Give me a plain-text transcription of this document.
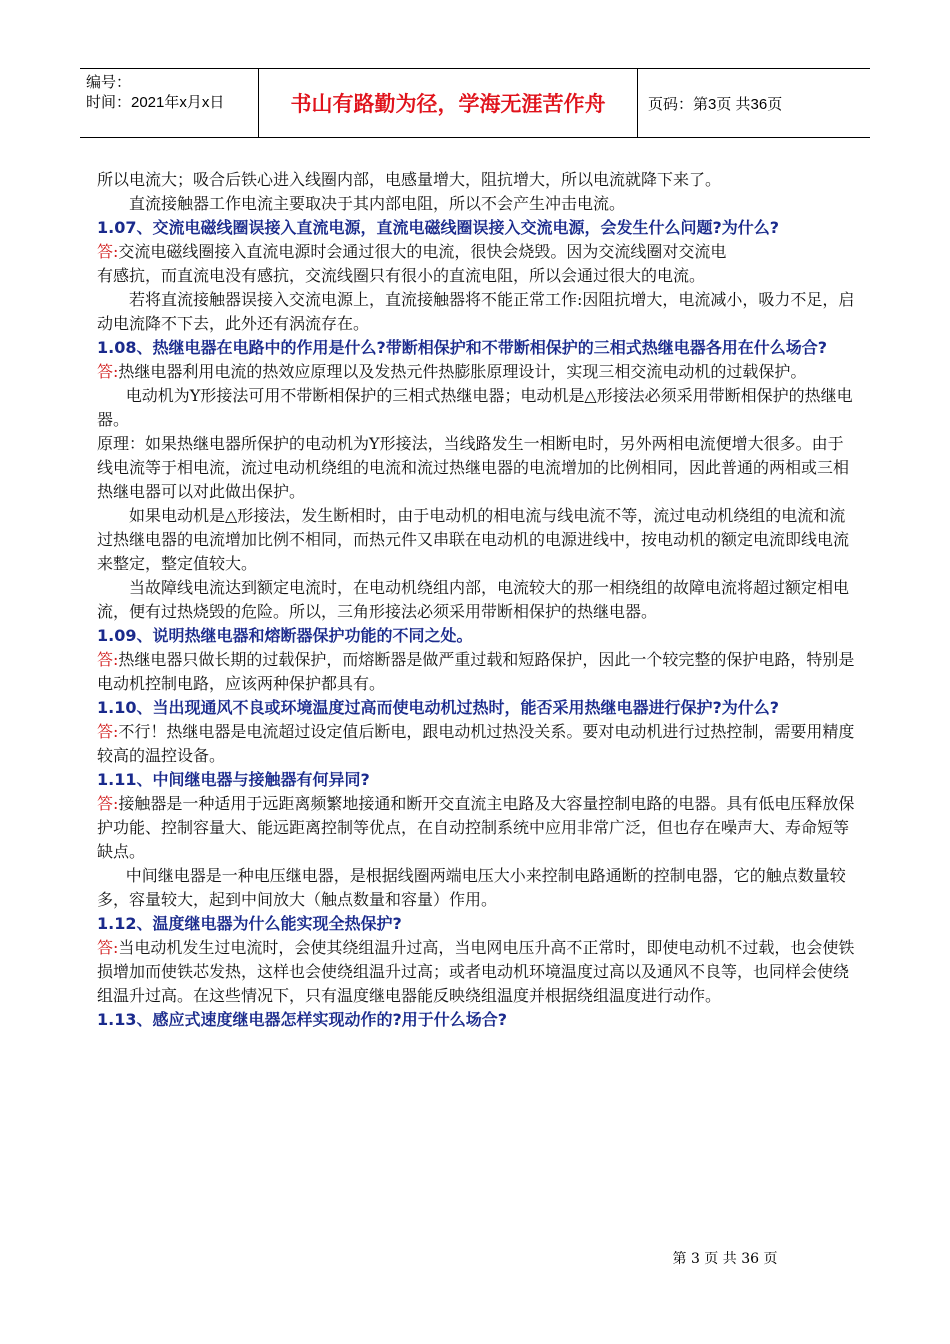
编号：
时间：2021年x月x日	书山有路勤为径，学海无涯苦作舟	页码：第3页 共36页

所以电流大；吸合后铁心进入线圈内部，电感量增大，阻抗增大，所以电流就降下来了。

直流接触器工作电流主要取决于其内部电阻，所以不会产生冲击电流。

1.07、交流电磁线圈误接入直流电源，直流电磁线圈误接入交流电源，会发生什么问题?为什么?

答:交流电磁线圈接入直流电源时会通过很大的电流，很快会烧毁。因为交流线圈对交流电

有感抗，而直流电没有感抗，交流线圈只有很小的直流电阻，所以会通过很大的电流。

若将直流接触器误接入交流电源上，直流接触器将不能正常工作:因阻抗增大，电流减小，吸力不足，启动电流降不下去，此外还有涡流存在。

1.08、热继电器在电路中的作用是什么?带断相保护和不带断相保护的三相式热继电器各用在什么场合?

答:热继电器利用电流的热效应原理以及发热元件热膨胀原理设计，实现三相交流电动机的过载保护。

电动机为Y形接法可用不带断相保护的三相式热继电器；电动机是△形接法必须采用带断相保护的热继电器。

原理：如果热继电器所保护的电动机为Y形接法，当线路发生一相断电时，另外两相电流便增大很多。由于线电流等于相电流，流过电动机绕组的电流和流过热继电器的电流增加的比例相同，因此普通的两相或三相热继电器可以对此做出保护。

如果电动机是△形接法，发生断相时，由于电动机的相电流与线电流不等，流过电动机绕组的电流和流过热继电器的电流增加比例不相同，而热元件又串联在电动机的电源进线中，按电动机的额定电流即线电流来整定，整定值较大。

当故障线电流达到额定电流时，在电动机绕组内部，电流较大的那一相绕组的故障电流将超过额定相电流，便有过热烧毁的危险。所以，三角形接法必须采用带断相保护的热继电器。

1.09、说明热继电器和熔断器保护功能的不同之处。

答:热继电器只做长期的过载保护，而熔断器是做严重过载和短路保护，因此一个较完整的保护电路，特别是电动机控制电路，应该两种保护都具有。

1.10、当出现通风不良或环境温度过高而使电动机过热时，能否采用热继电器进行保护?为什么?

答:不行！热继电器是电流超过设定值后断电，跟电动机过热没关系。要对电动机进行过热控制，需要用精度较高的温控设备。

1.11、中间继电器与接触器有何异同?

答:接触器是一种适用于远距离频繁地接通和断开交直流主电路及大容量控制电路的电器。具有低电压释放保护功能、控制容量大、能远距离控制等优点，在自动控制系统中应用非常广泛，但也存在噪声大、寿命短等缺点。

中间继电器是一种电压继电器，是根据线圈两端电压大小来控制电路通断的控制电器，它的触点数量较多，容量较大，起到中间放大（触点数量和容量）作用。

1.12、温度继电器为什么能实现全热保护?

答:当电动机发生过电流时，会使其绕组温升过高，当电网电压升高不正常时，即使电动机不过载，也会使铁损增加而使铁芯发热，这样也会使绕组温升过高；或者电动机环境温度过高以及通风不良等，也同样会使绕组温升过高。在这些情况下，只有温度继电器能反映绕组温度并根据绕组温度进行动作。

1.13、感应式速度继电器怎样实现动作的?用于什么场合?

第 3 页 共 36 页
